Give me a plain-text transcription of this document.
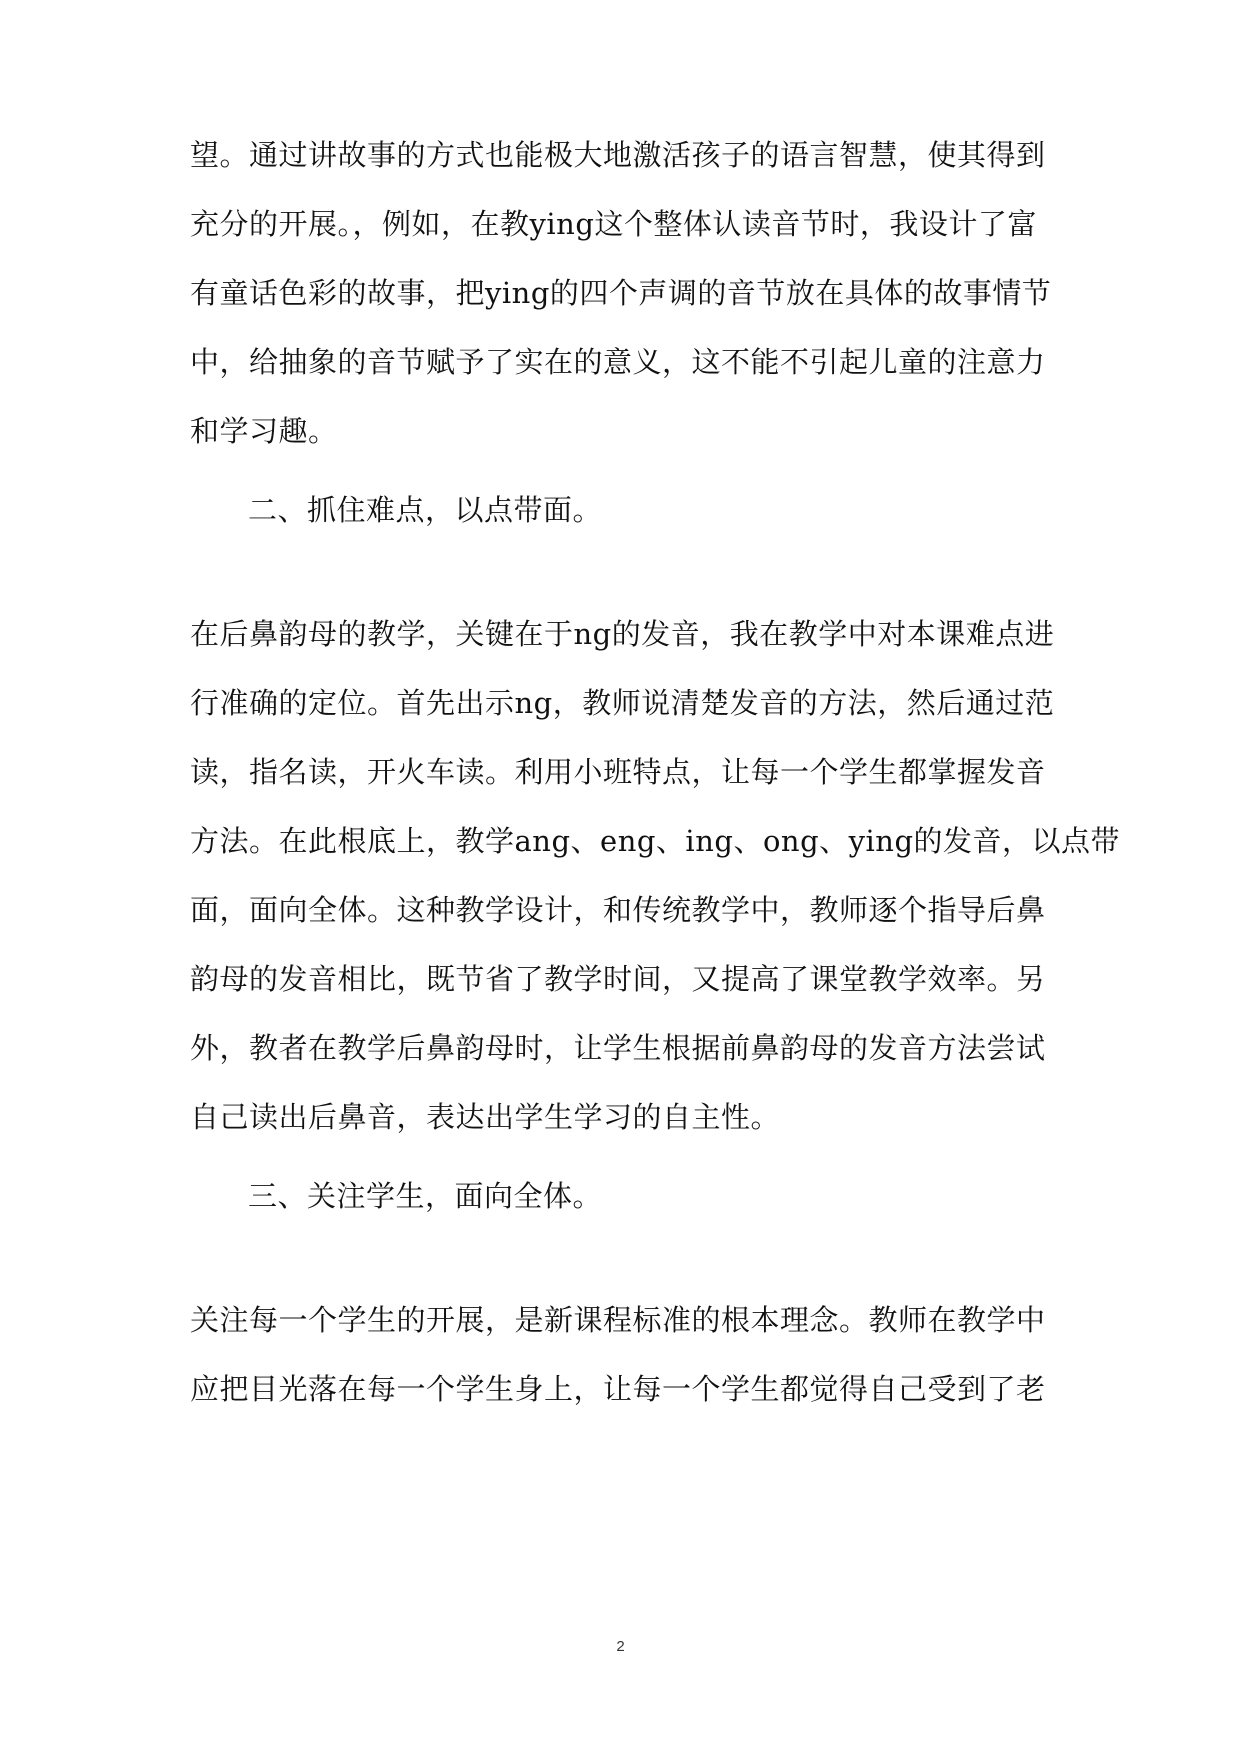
望。通过讲故事的方式也能极大地激活孩子的语言智慧，使其得到
充分的开展。，例如，在教ying这个整体认读音节时，我设计了富
有童话色彩的故事，把ying的四个声调的音节放在具体的故事情节
中，给抽象的音节赋予了实在的意义，这不能不引起儿童的注意力
和学习趣。
二、抓住难点，以点带面。
在后鼻韵母的教学，关键在于ng的发音，我在教学中对本课难点进
行准确的定位。首先出示ng，教师说清楚发音的方法，然后通过范
读，指名读，开火车读。利用小班特点，让每一个学生都掌握发音
方法。在此根底上，教学ang、eng、ing、ong、ying的发音，以点带
面，面向全体。这种教学设计，和传统教学中，教师逐个指导后鼻
韵母的发音相比，既节省了教学时间，又提高了课堂教学效率。另
外，教者在教学后鼻韵母时，让学生根据前鼻韵母的发音方法尝试
自己读出后鼻音，表达出学生学习的自主性。
三、关注学生，面向全体。
关注每一个学生的开展，是新课程标准的根本理念。教师在教学中
应把目光落在每一个学生身上，让每一个学生都觉得自己受到了老
2
